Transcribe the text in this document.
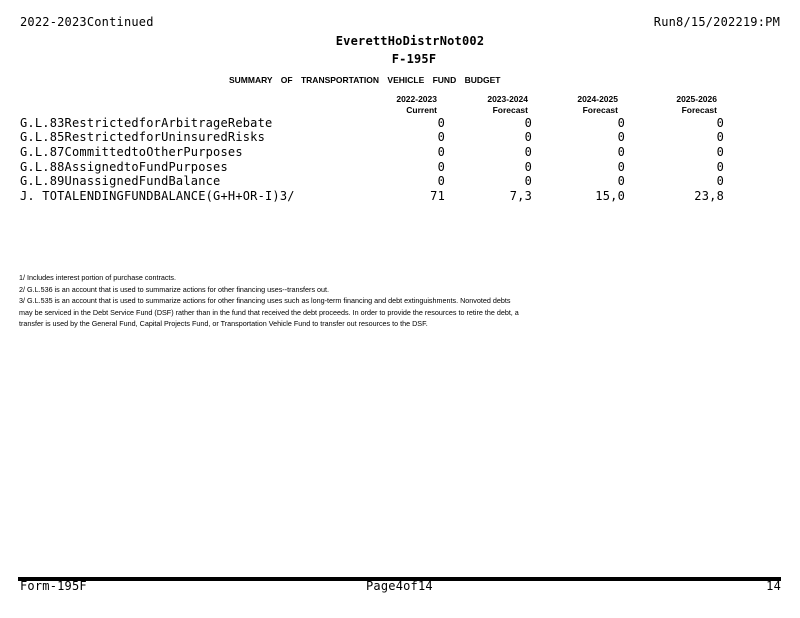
2022-2023Continued	Run8/15/202219:PM
EverettHoDistrNot002
F-195F
SUMMARY OF TRANSPORTATION VEHICLE FUND BUDGET
2022-2023
Current
2023-2024
Forecast
2024-2025
Forecast
2025-2026
Forecast
G.L.83RestrictedforArbitrageRebate	0	0	0	0
G.L.85RestrictedforUninsuredRisks	0	0	0	0
G.L.87CommittedtoOtherPurposes	0	0	0	0
G.L.88AssignedtoFundPurposes	0	0	0	0
G.L.89UnassignedFundBalance	0	0	0	0
J. TOTALENDINGFUNDBALANCE(G+H+OR-I)3/	71	7,3	15,0	23,8
1/ Includes interest portion of purchase contracts.
2/ G.L.536 is an account that is used to summarize actions for other financing uses--transfers out.
3/ G.L.535 is an account that is used to summarize actions for other financing uses such as long-term financing and debt extinguishments. Nonvoted debts
may be serviced in the Debt Service Fund (DSF) rather than in the fund that received the debt proceeds. In order to provide the resources to retire the debt, a
transfer is used by the General Fund, Capital Projects Fund, or Transportation Vehicle Fund to transfer out resources to the DSF.
Form-195F	Page4of14	14
